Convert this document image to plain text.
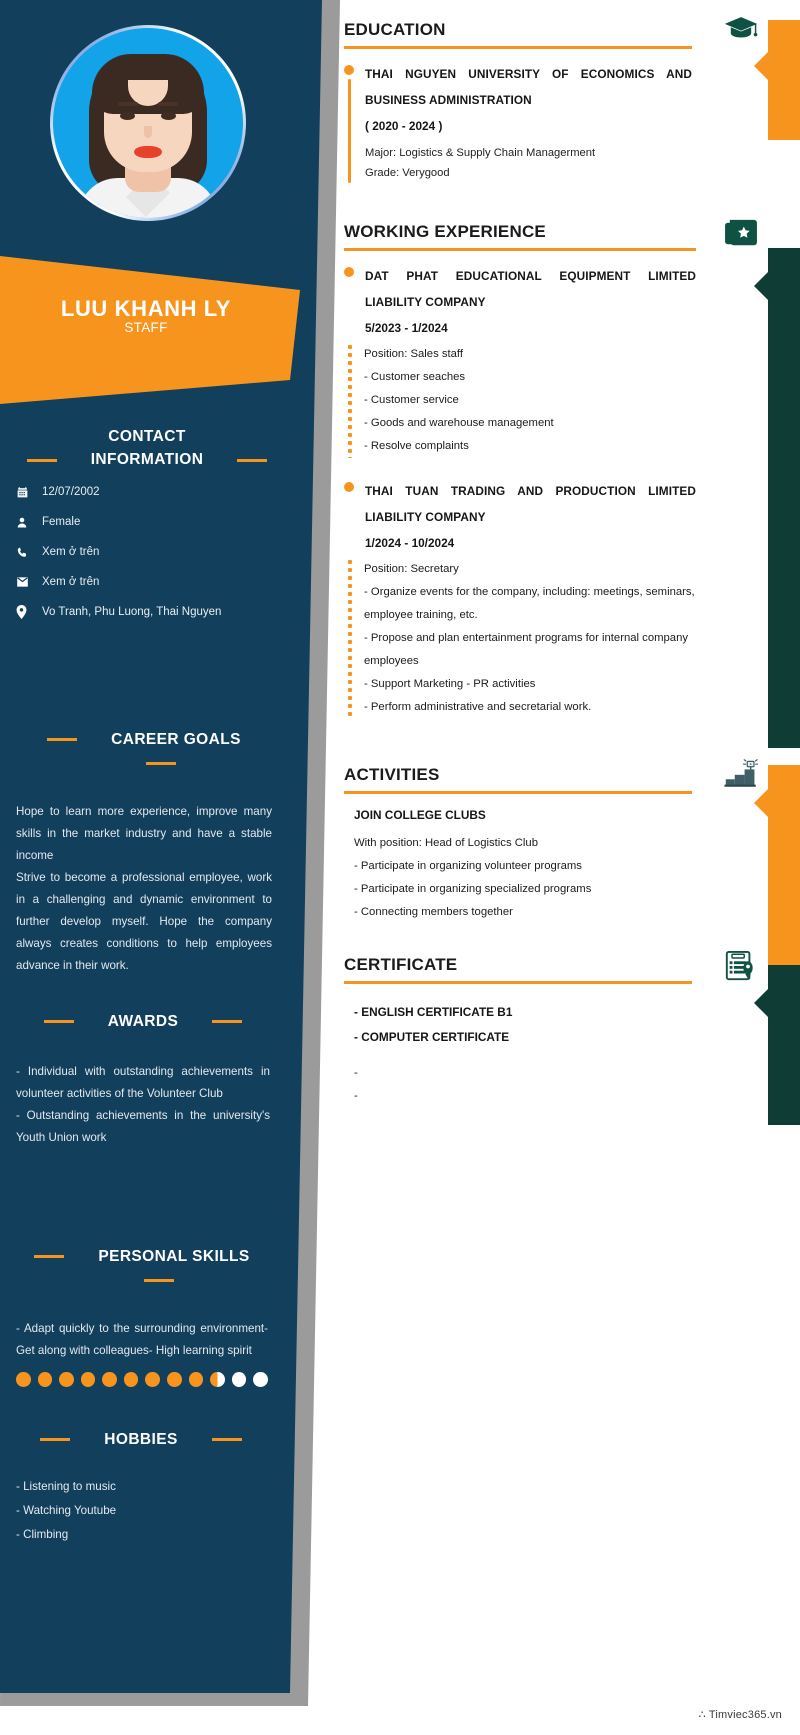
LUU KHANH LY
STAFF
CONTACT
INFORMATION
12/07/2002
Female
Xem ở trên
Xem ở trên
Vo Tranh, Phu Luong, Thai Nguyen
CAREER GOALS

Hope to learn more experience, improve many skills in the market industry and have a stable income

Strive to become a professional employee, work in a challenging and dynamic environment to further develop myself. Hope the company always creates conditions to help employees advance in their work.

AWARDS

- Individual with outstanding achievements in volunteer activities of the Volunteer Club

- Outstanding achievements in the university's Youth Union work

PERSONAL SKILLS

- Adapt quickly to the surrounding environment- Get along with colleagues- High learning spirit

HOBBIES
- Listening to music
- Watching Youtube
- Climbing
EDUCATION
THAI NGUYEN UNIVERSITY OF ECONOMICS AND
BUSINESS ADMINISTRATION
( 2020 - 2024 )
Major: Logistics & Supply Chain Managerment
Grade: Verygood
WORKING EXPERIENCE
DAT PHAT EDUCATIONAL EQUIPMENT LIMITED
LIABILITY COMPANY
5/2023 - 1/2024
Position: Sales staff
- Customer seaches
- Customer service
- Goods and warehouse management
- Resolve complaints
THAI TUAN TRADING AND PRODUCTION LIMITED
LIABILITY COMPANY
1/2024 - 10/2024
Position: Secretary
- Organize events for the company, including: meetings, seminars, employee training, etc.
- Propose and plan entertainment programs for internal company employees
- Support Marketing - PR activities
- Perform administrative and secretarial work.
ACTIVITIES
JOIN COLLEGE CLUBS
With position: Head of Logistics Club
- Participate in organizing volunteer programs
- Participate in organizing specialized programs
- Connecting members together
CERTIFICATE
- ENGLISH CERTIFICATE B1
- COMPUTER CERTIFICATE
-
-
∴ Timviec365.vn
